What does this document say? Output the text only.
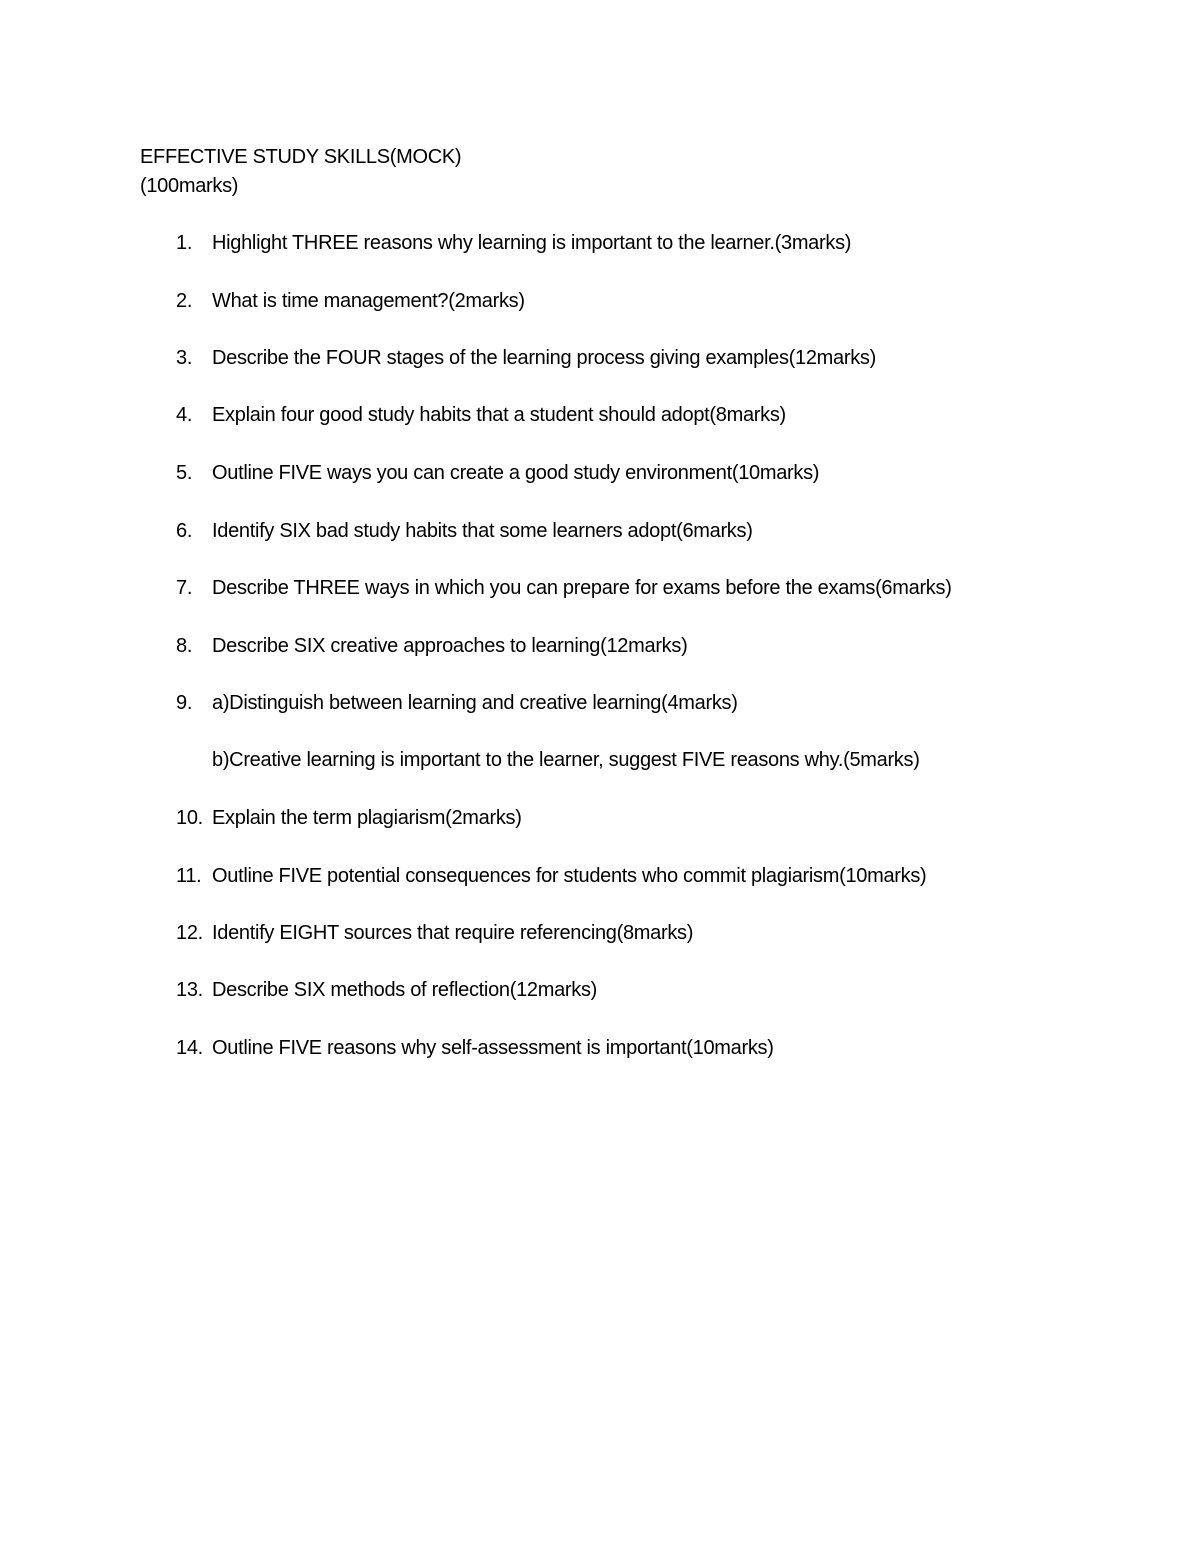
EFFECTIVE STUDY SKILLS(MOCK)
(100marks)
1. Highlight THREE reasons why learning is important to the learner.(3marks)
2. What is time management?(2marks)
3. Describe the FOUR stages of the learning process giving examples(12marks)
4. Explain four good study habits that a student should adopt(8marks)
5. Outline FIVE ways you can create a good study environment(10marks)
6. Identify SIX bad study habits that some learners adopt(6marks)
7. Describe THREE ways in which you can prepare for exams before the exams(6marks)
8. Describe SIX creative approaches to learning(12marks)
9. a)Distinguish between learning and creative learning(4marks)
b)Creative learning is important to the learner, suggest FIVE reasons why.(5marks)
10. Explain the term plagiarism(2marks)
11. Outline FIVE potential consequences for students who commit plagiarism(10marks)
12. Identify EIGHT sources that require referencing(8marks)
13. Describe SIX methods of reflection(12marks)
14. Outline FIVE reasons why self-assessment is important(10marks)
